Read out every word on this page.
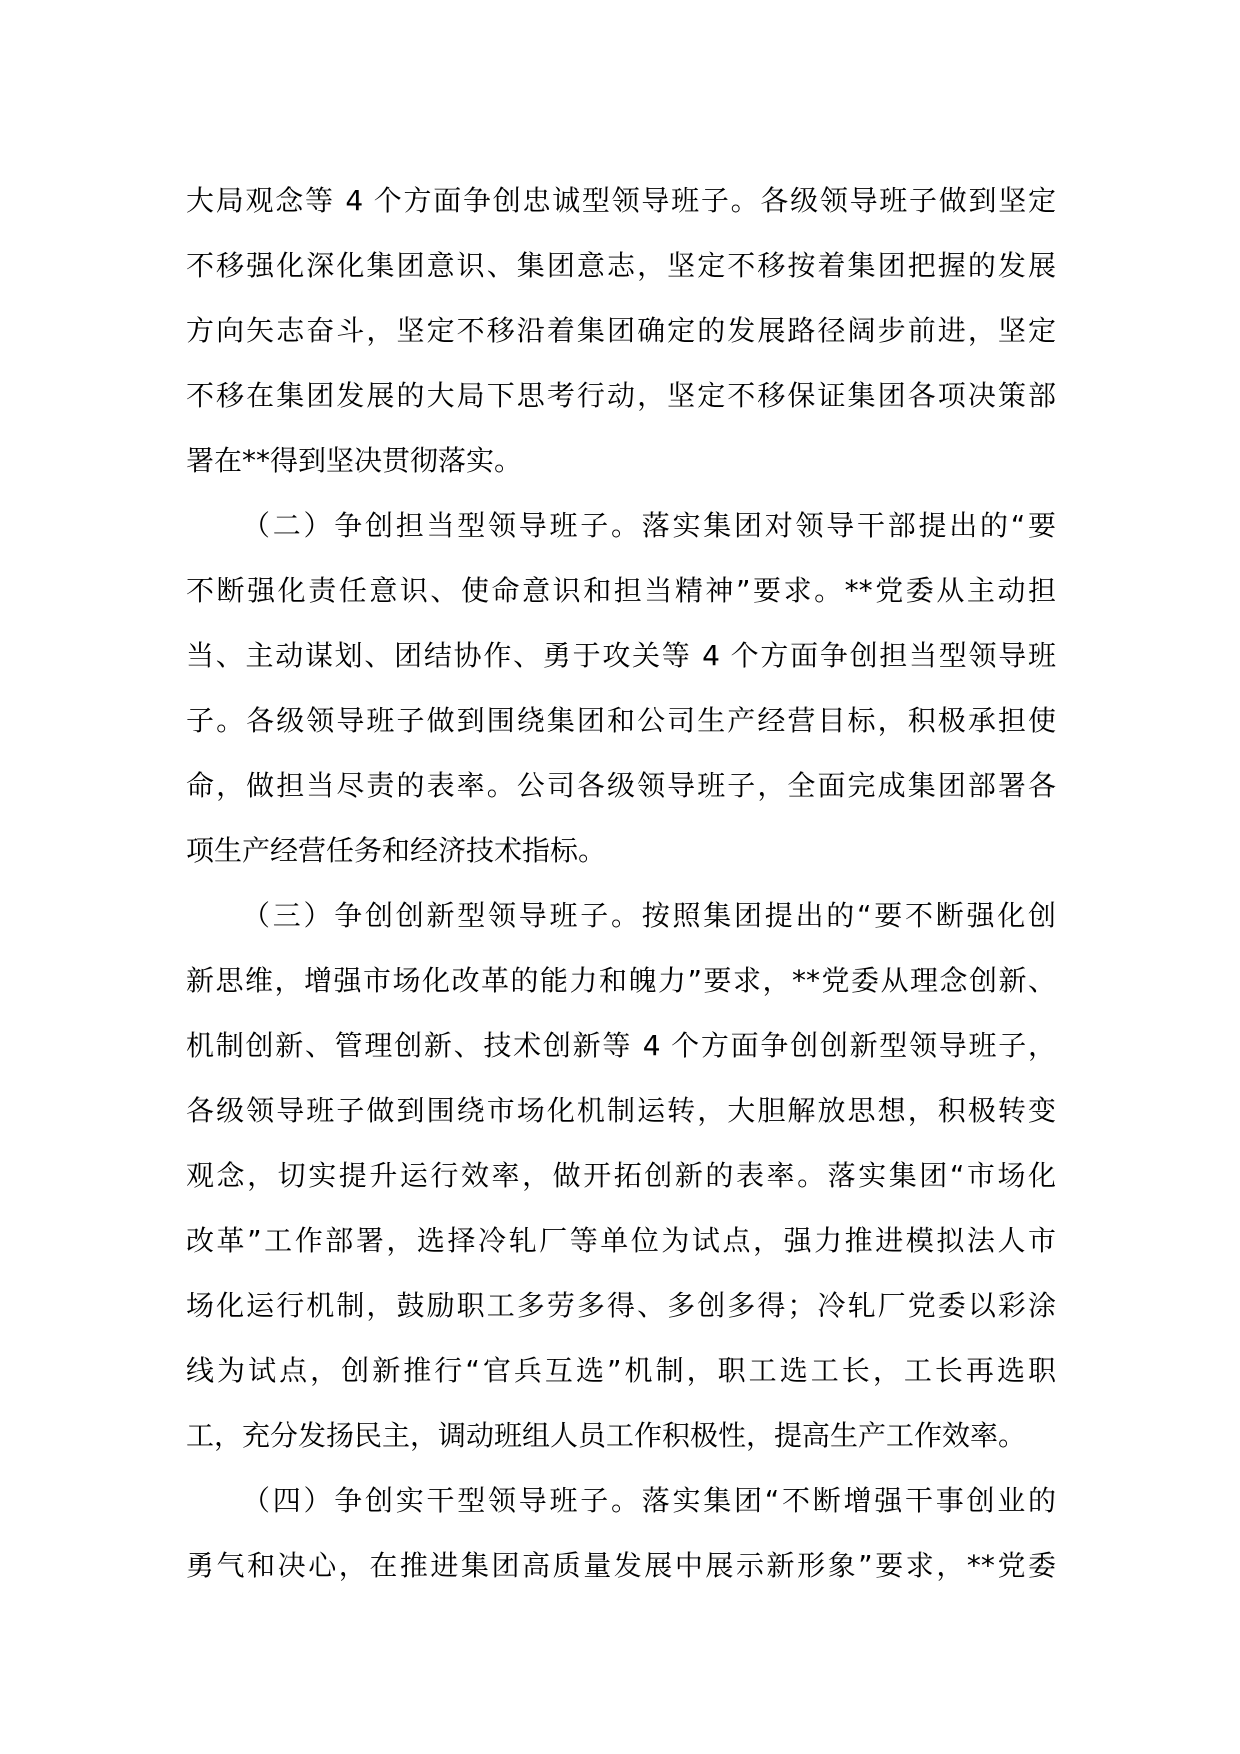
大局观念等 4 个方面争创忠诚型领导班子。各级领导班子做到坚定
不移强化深化集团意识、集团意志，坚定不移按着集团把握的发展
方向矢志奋斗，坚定不移沿着集团确定的发展路径阔步前进，坚定
不移在集团发展的大局下思考行动，坚定不移保证集团各项决策部
署在**得到坚决贯彻落实。
（二）争创担当型领导班子。落实集团对领导干部提出的“要
不断强化责任意识、使命意识和担当精神”要求。**党委从主动担
当、主动谋划、团结协作、勇于攻关等 4 个方面争创担当型领导班
子。各级领导班子做到围绕集团和公司生产经营目标，积极承担使
命，做担当尽责的表率。公司各级领导班子，全面完成集团部署各
项生产经营任务和经济技术指标。
（三）争创创新型领导班子。按照集团提出的“要不断强化创
新思维，增强市场化改革的能力和魄力”要求，**党委从理念创新、
机制创新、管理创新、技术创新等 4 个方面争创创新型领导班子，
各级领导班子做到围绕市场化机制运转，大胆解放思想，积极转变
观念，切实提升运行效率，做开拓创新的表率。落实集团“市场化
改革”工作部署，选择冷轧厂等单位为试点，强力推进模拟法人市
场化运行机制，鼓励职工多劳多得、多创多得；冷轧厂党委以彩涂
线为试点，创新推行“官兵互选”机制，职工选工长，工长再选职
工，充分发扬民主，调动班组人员工作积极性，提高生产工作效率。
（四）争创实干型领导班子。落实集团“不断增强干事创业的
勇气和决心，在推进集团高质量发展中展示新形象”要求，**党委
